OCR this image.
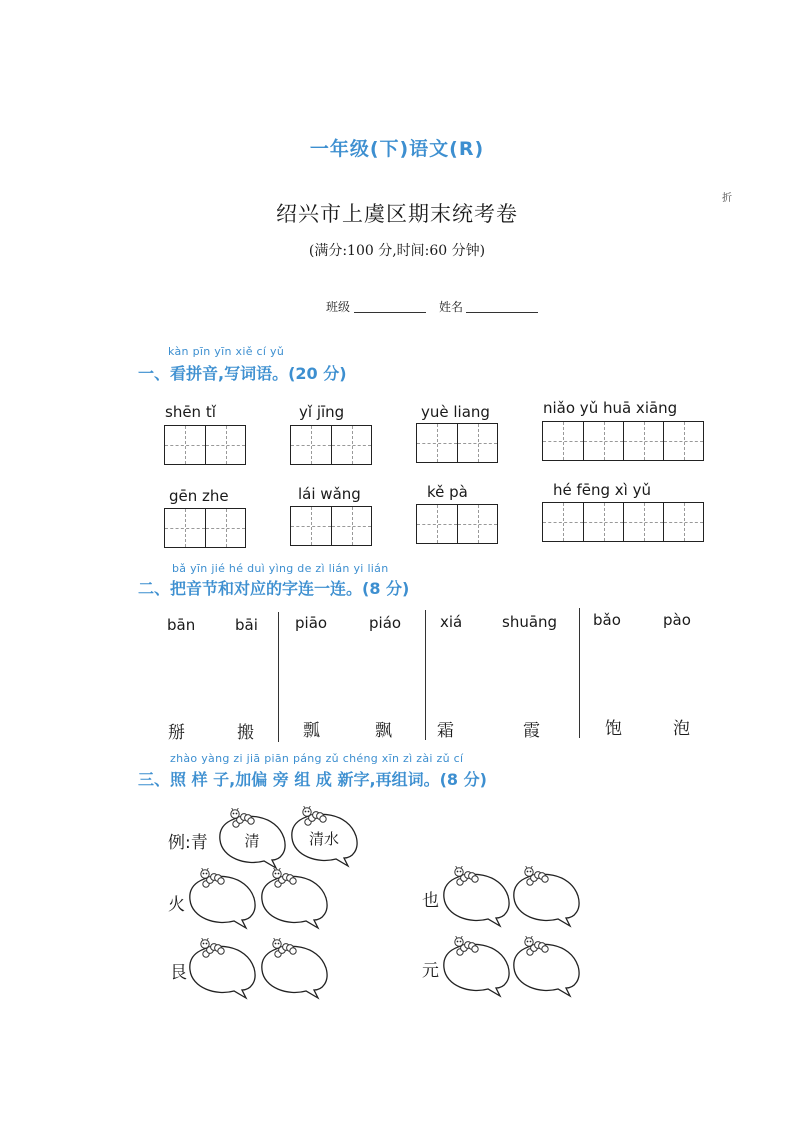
一年级(下)语文(R)
折
绍兴市上虞区期末统考卷
(满分:100 分,时间:60 分钟)
班级	姓名
kàn pīn yīn xiě cí yǔ
一、看拼音,写词语。(20 分)
shēn tǐ	yǐ jīng	yuè liang	niǎo yǔ huā xiāng
gēn zhe	lái wǎng	kě pà	hé fēng xì yǔ
bǎ yīn jié hé duì yìng de zì lián yi lián
二、把音节和对应的字连一连。(8 分)
bān	bāi piāo	piáo	xiá	shuāng bǎo	pào
掰	搬	瓢	飘	霜	霞	饱	泡
zhào yàng zi jiā piān páng zǔ chéng xīn zì zài zǔ cí
三、照 样 子,加偏 旁 组 成 新字,再组词。(8 分)
例:青	清	清水
火	也
艮	元
